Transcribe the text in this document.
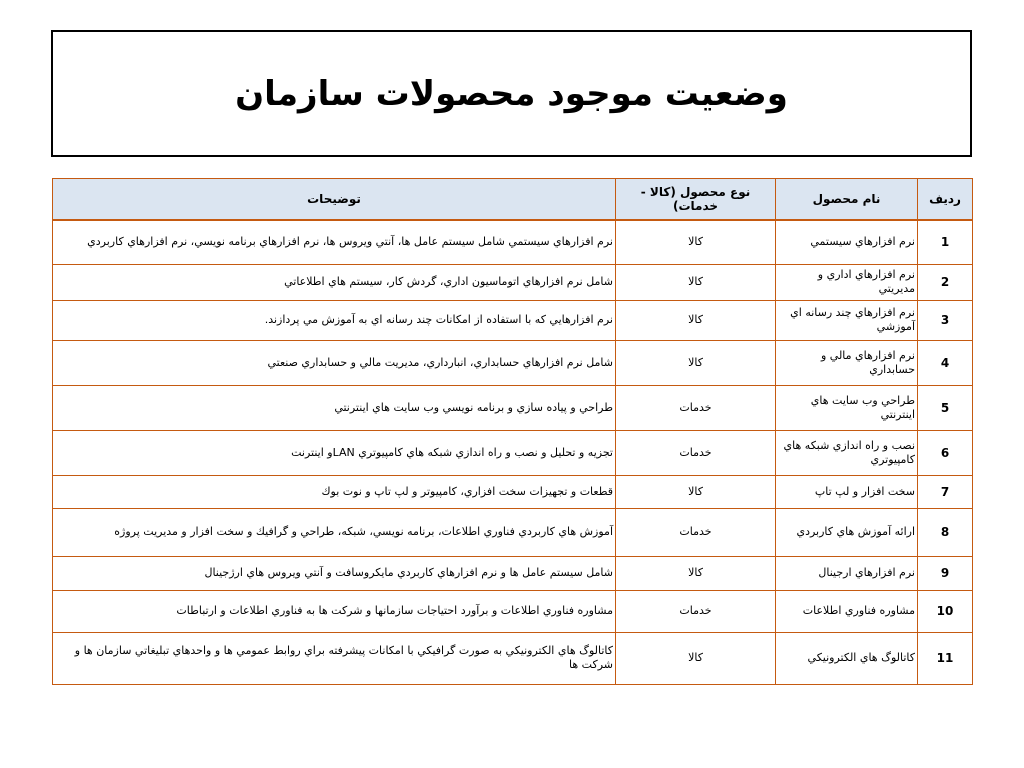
وضعیت موجود محصولات سازمان
رديف	نام محصول	نوع محصول (كالا - خدمات)	توضيحات
1	نرم افزارهاي سيستمي	كالا	نرم افزارهاي سيستمي شامل سيستم عامل ها، آنتي ويروس ها، نرم افزارهاي برنامه نويسي، نرم افزارهاي كاربردي
2	نرم افزارهاي اداري و مديريتي	كالا	شامل نرم افزارهاي اتوماسيون اداري، گردش كار، سيستم هاي اطلاعاتي
3	نرم افزارهاي چند رسانه اي آموزشي	كالا	نرم افزارهايي كه با استفاده از امكانات چند رسانه اي به آموزش مي پردازند.
4	نرم افزارهاي مالي و حسابداري	كالا	شامل نرم افزارهاي حسابداري، انبارداري، مديريت مالي و حسابداري صنعتي
5	طراحي وب سايت هاي اينترنتي	خدمات	طراحي و پياده سازي و برنامه نويسي وب سايت هاي اينترنتي
6	نصب و راه اندازي شبكه هاي كامپيوتري	خدمات	تجزيه و تحليل و نصب و راه اندازي شبكه هاي كامپيوتري LANو اينترنت
7	سخت افزار و لپ تاپ	كالا	قطعات و تجهيزات سخت افزاري، كامپيوتر و لپ تاپ و نوت بوك
8	ارائه آموزش هاي كاربردي	خدمات	آموزش هاي كاربردي فناوري اطلاعات، برنامه نويسي، شبكه، طراحي و گرافيك و سخت افزار و مديريت پروژه
9	نرم افزارهاي ارجينال	كالا	شامل سيستم عامل ها و نرم افزارهاي كاربردي مايكروسافت و آنتي ويروس هاي ارژجينال
10	مشاوره فناوري اطلاعات	خدمات	مشاوره فناوري اطلاعات و برآورد احتياجات سازمانها و شركت ها به فناوري اطلاعات و ارتباطات
11	كاتالوگ هاي الكترونيكي	كالا	كاتالوگ هاي الكترونيكي به صورت گرافيكي با امكانات پيشرفته براي روابط عمومي ها و واحدهاي تبليغاتي سازمان ها و شركت ها
